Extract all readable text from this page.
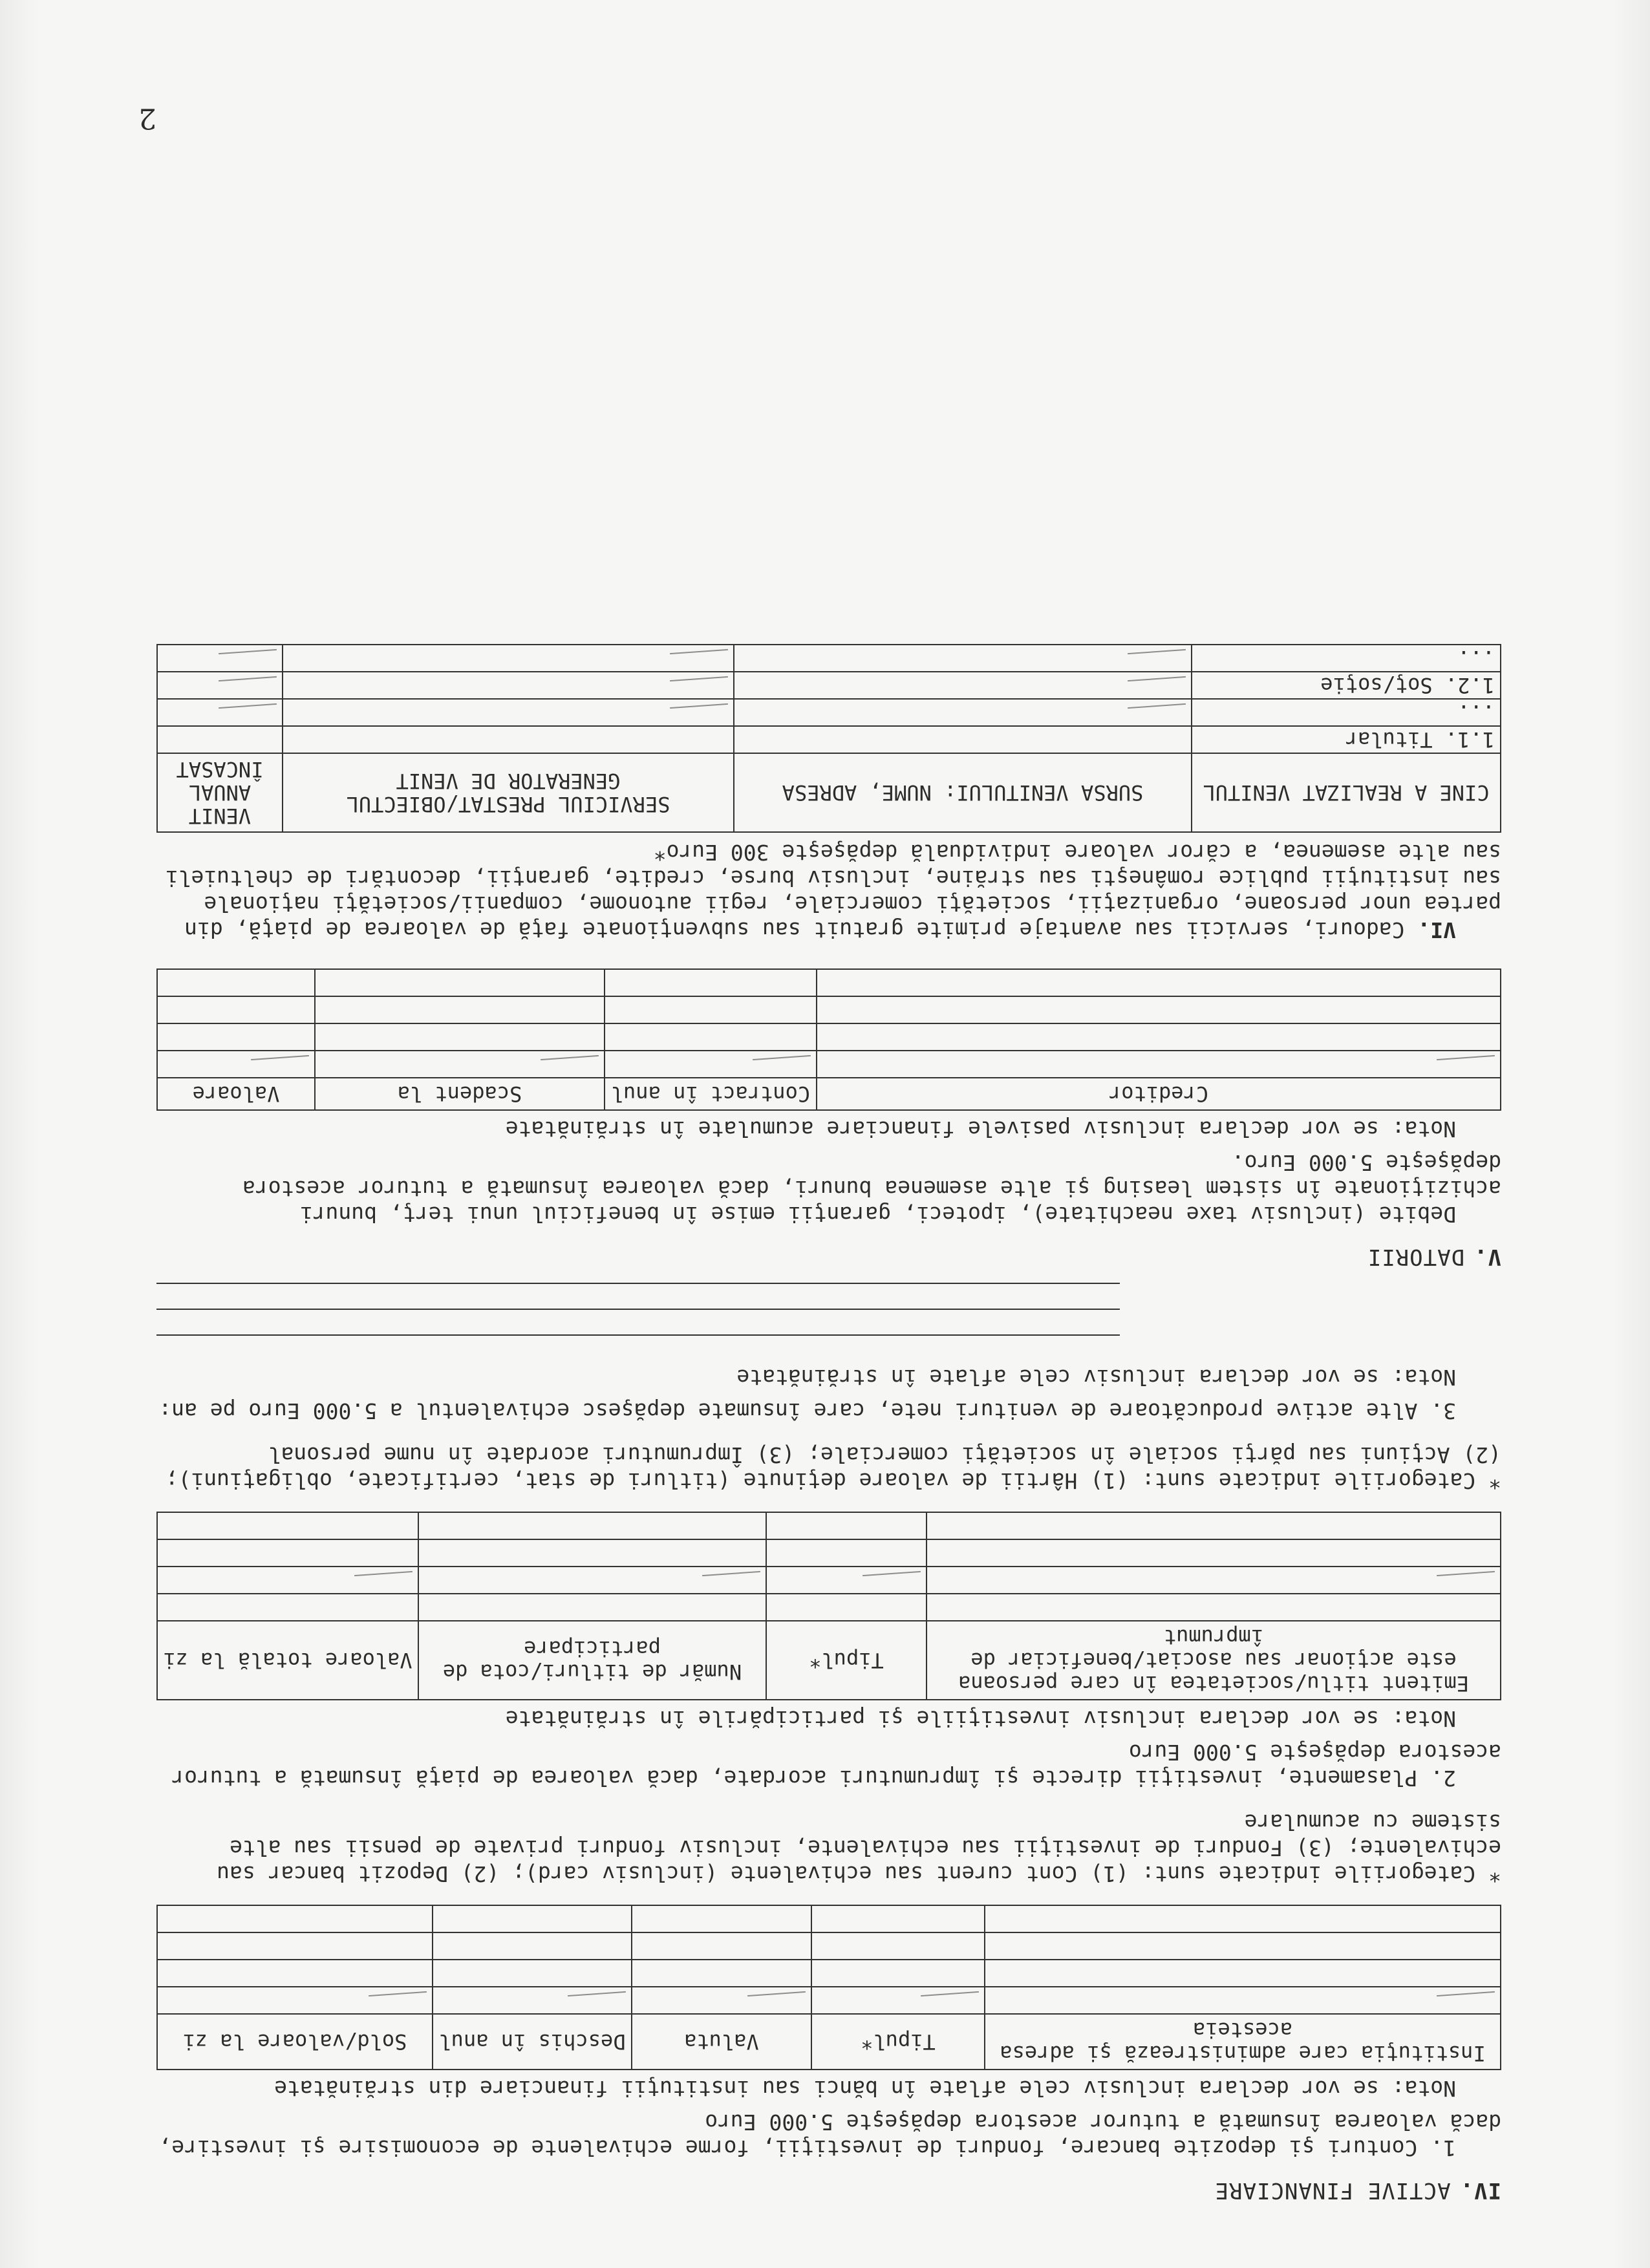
IV.ACTIVE FINANCIARE

1. Conturi şi depozite bancare, fonduri de investiţii, forme echivalente de economisire şi investire, dacă valoarea însumată a tuturor acestora depăşeşte 5.000 Euro

Nota: se vor declara inclusiv cele aflate în bănci sau instituţii financiare din străinătate

Instituţia care administrează şi adresa acesteia	Tipul*	Valuta	Deschis în anul	Sold/valoare la zi

* Categoriile indicate sunt: (1) Cont curent sau echivalente (inclusiv card); (2) Depozit bancar sau echivalente; (3) Fonduri de investiţii sau echivalente, inclusiv fonduri private de pensii sau alte sisteme cu acumulare

2. Plasamente, investiţii directe şi împrumuturi acordate, dacă valoarea de piaţă însumată a tuturor acestora depăşeşte 5.000 Euro

Nota: se vor declara inclusiv investiţiile şi participările în străinătate

Emitent titlu/societatea în care persoana este acţionar sau asociat/beneficiar de împrumut	Tipul*	Număr de titluri/cota de participare	Valoare totală la zi

* Categoriile indicate sunt: (1) Hârtii de valoare deţinute (titluri de stat, certificate, obligaţiuni); (2) Acţiuni sau părţi sociale în societăţi comerciale; (3) Împrumuturi acordate în nume personal

3. Alte active producătoare de venituri nete, care însumate depăşesc echivalentul a 5.000 Euro pe an:

Nota: se vor declara inclusiv cele aflate în străinătate

V.DATORII

Debite (inclusiv taxe neachitate), ipoteci, garanţii emise în beneficiul unui terţ, bunuri achiziţionate în sistem leasing şi alte asemenea bunuri, dacă valoarea însumată a tuturor acestora depăşeşte 5.000 Euro.

Nota: se vor declara inclusiv pasivele financiare acumulate în străinătate

Creditor	Contract în anul	Scadent la	Valoare

VI. Cadouri, servicii sau avantaje primite gratuit sau subvenţionate faţă de valoarea de piaţă, din partea unor persoane, organizaţii, societăţi comerciale, regii autonome, companii/societăţi naţionale sau instituţii publice româneşti sau străine, inclusiv burse, credite, garanţii, decontări de cheltuieli sau alte asemenea, a căror valoare individuală depăşeşte 300 Euro*

CINE A REALIZAT VENITUL	SURSA VENITULUI: NUME, ADRESA	SERVICIUL PRESTAT/OBIECTUL GENERATOR DE VENIT	VENIT ANUAL ÎNCASAT
1.1. Titular			
...			
1.2. Soţ/soţie			
...			
2
